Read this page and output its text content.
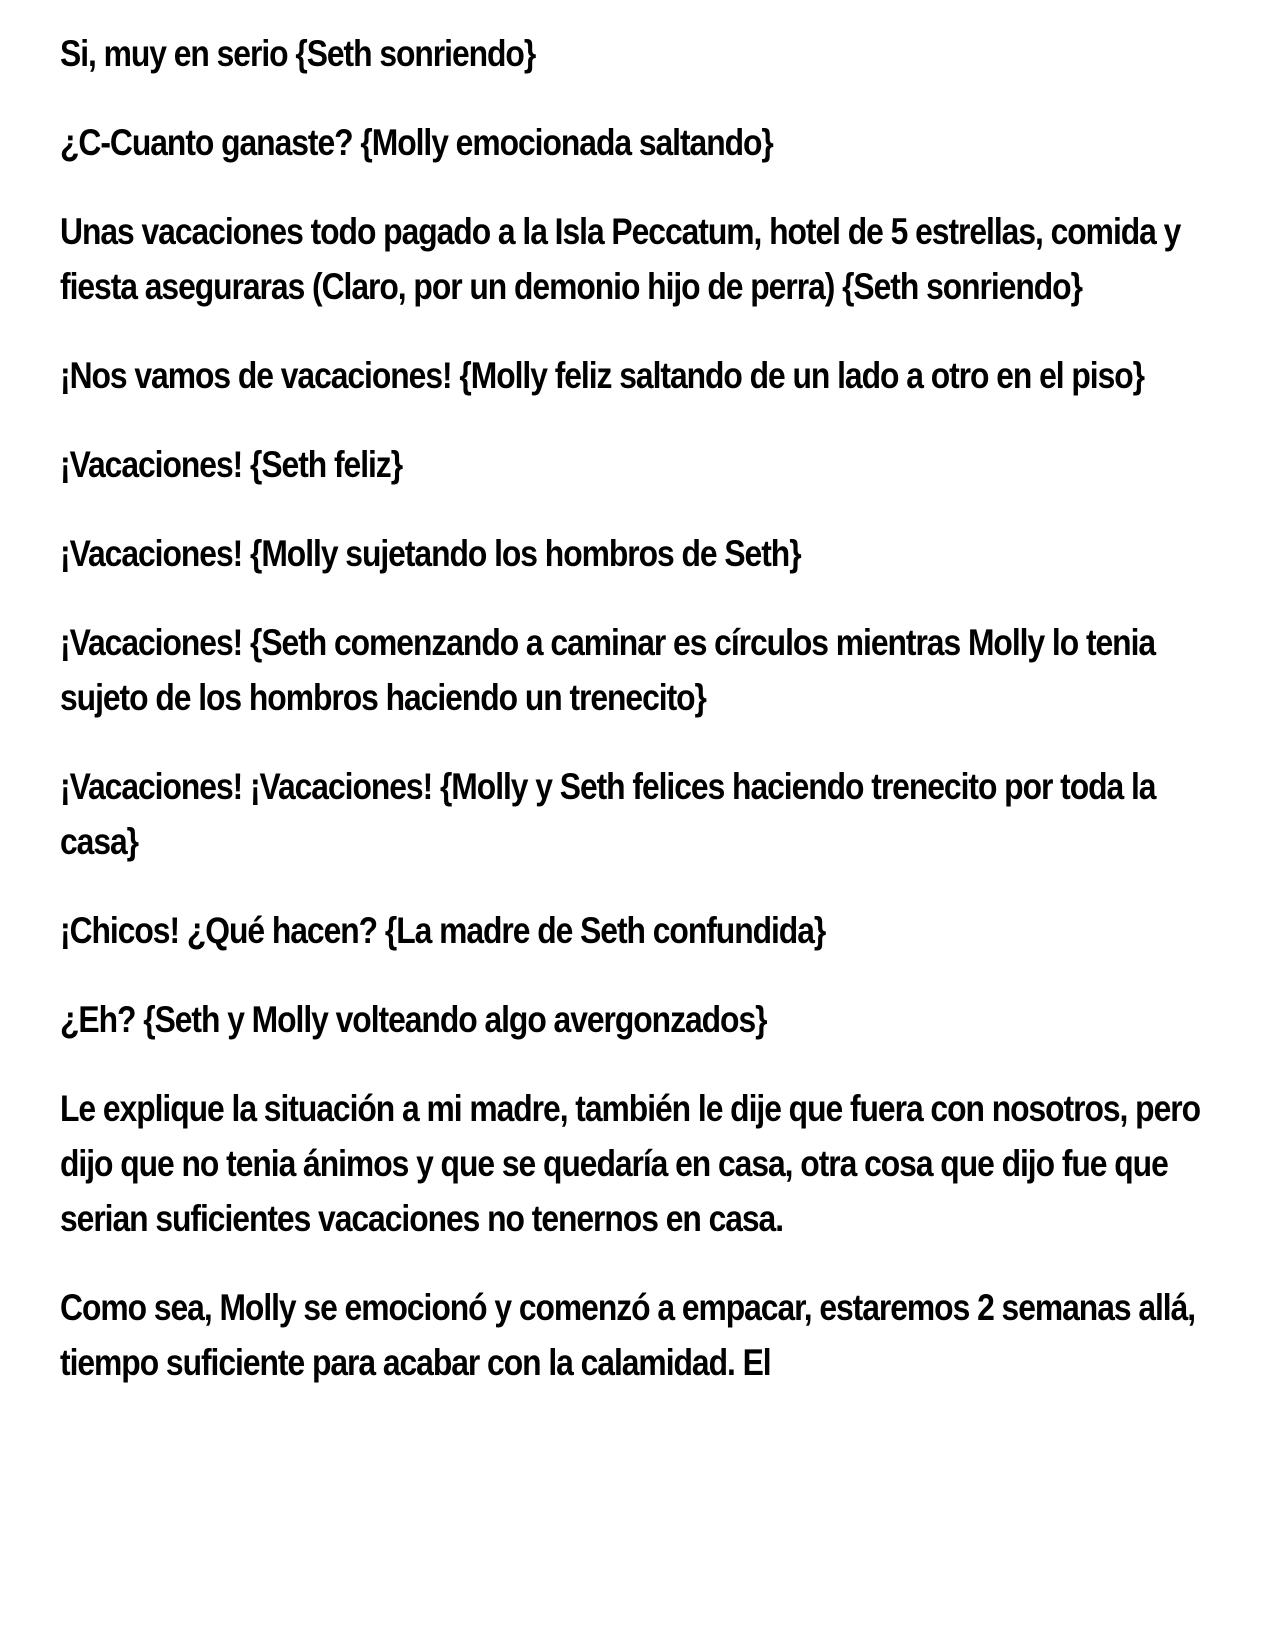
Si, muy en serio {Seth sonriendo}

¿C-Cuanto ganaste? {Molly emocionada saltando}

Unas vacaciones todo pagado a la Isla Peccatum, hotel de 5 estrellas, comida y fiesta aseguraras (Claro, por un demonio hijo de perra) {Seth sonriendo}

¡Nos vamos de vacaciones! {Molly feliz saltando de un lado a otro en el piso}

¡Vacaciones! {Seth feliz}

¡Vacaciones! {Molly sujetando los hombros de Seth}

¡Vacaciones! {Seth comenzando a caminar es círculos mientras Molly lo tenia sujeto de los hombros haciendo un trenecito}

¡Vacaciones! ¡Vacaciones! {Molly y Seth felices haciendo trenecito por toda la casa}

¡Chicos! ¿Qué hacen? {La madre de Seth confundida}

¿Eh? {Seth y Molly volteando algo avergonzados}

Le explique la situación a mi madre, también le dije que fuera con nosotros, pero dijo que no tenia ánimos y que se quedaría en casa, otra cosa que dijo fue que serian suficientes vacaciones no tenernos en casa.

Como sea, Molly se emocionó y comenzó a empacar, estaremos 2 semanas allá, tiempo suficiente para acabar con la calamidad. El
